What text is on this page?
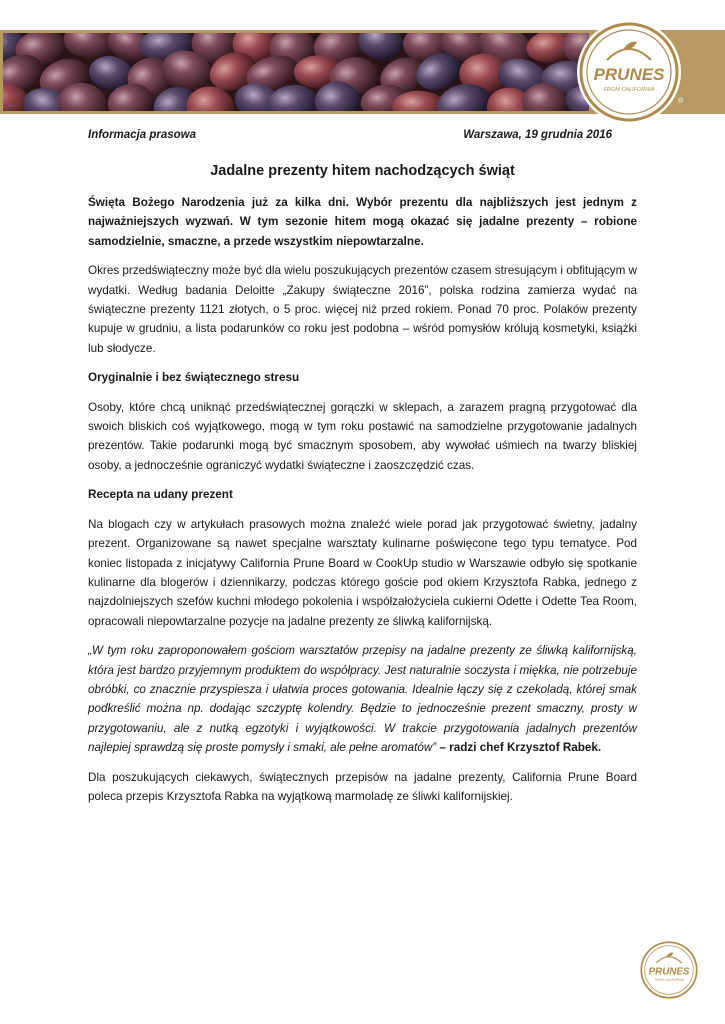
PRUNES
FROM CALIFORNIA
®
Informacja prasowa	Warszawa, 19 grudnia 2016
Jadalne prezenty hitem nachodzących świąt

Święta Bożego Narodzenia już za kilka dni. Wybór prezentu dla najbliższych jest jednym z najważniejszych wyzwań. W tym sezonie hitem mogą okazać się jadalne prezenty – robione samodzielnie, smaczne, a przede wszystkim niepowtarzalne.

Okres przedświąteczny może być dla wielu poszukujących prezentów czasem stresującym i obfitującym w wydatki. Według badania Deloitte „Zakupy świąteczne 2016”, polska rodzina zamierza wydać na świąteczne prezenty 1121 złotych, o 5 proc. więcej niż przed rokiem. Ponad 70 proc. Polaków prezenty kupuje w grudniu, a lista podarunków co roku jest podobna – wśród pomysłów królują kosmetyki, książki lub słodycze.

Oryginalnie i bez świątecznego stresu

Osoby, które chcą uniknąć przedświątecznej gorączki w sklepach, a zarazem pragną przygotować dla swoich bliskich coś wyjątkowego, mogą w tym roku postawić na samodzielne przygotowanie jadalnych prezentów. Takie podarunki mogą być smacznym sposobem, aby wywołać uśmiech na twarzy bliskiej osoby, a jednocześnie ograniczyć wydatki świąteczne i zaoszczędzić czas.

Recepta na udany prezent

Na blogach czy w artykułach prasowych można znaleźć wiele porad jak przygotować świetny, jadalny prezent. Organizowane są nawet specjalne warsztaty kulinarne poświęcone tego typu tematyce. Pod koniec listopada z inicjatywy California Prune Board w CookUp studio w Warszawie odbyło się spotkanie kulinarne dla blogerów i dziennikarzy, podczas którego goście pod okiem Krzysztofa Rabka, jednego z najzdolniejszych szefów kuchni młodego pokolenia i współzałożyciela cukierni Odette i Odette Tea Room, opracowali niepowtarzalne pozycje na jadalne prezenty ze śliwką kalifornijską.

„W tym roku zaproponowałem gościom warsztatów przepisy na jadalne prezenty ze śliwką kalifornijską, która jest bardzo przyjemnym produktem do współpracy. Jest naturalnie soczysta i miękka, nie potrzebuje obróbki, co znacznie przyspiesza i ułatwia proces gotowania. Idealnie łączy się z czekoladą, której smak podkreślić można np. dodając szczyptę kolendry. Będzie to jednocześnie prezent smaczny, prosty w przygotowaniu, ale z nutką egzotyki i wyjątkowości. W trakcie przygotowania jadalnych prezentów najlepiej sprawdzą się proste pomysły i smaki, ale pełne aromatów” – radzi chef Krzysztof Rabek.

Dla poszukujących ciekawych, świątecznych przepisów na jadalne prezenty, California Prune Board poleca przepis Krzysztofa Rabka na wyjątkową marmoladę ze śliwki kalifornijskiej.

PRUNES
FROM CALIFORNIA
